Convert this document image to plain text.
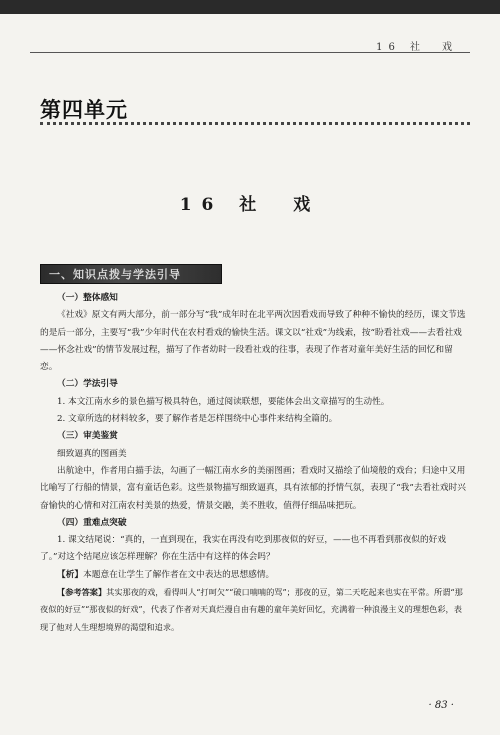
16 社　戏
第四单元
16 社　戏
一、知识点拨与学法引导

（一）整体感知

《社戏》原文有两大部分，前一部分写“我”成年时在北平两次因看戏而导致了种种不愉快的经历，课文节选的是后一部分，主要写“我”少年时代在农村看戏的愉快生活。课文以“社戏”为线索，按“盼看社戏——去看社戏——怀念社戏”的情节发展过程，描写了作者幼时一段看社戏的往事，表现了作者对童年美好生活的回忆和留恋。

（二）学法引导

1. 本文江南水乡的景色描写极具特色，通过阅读联想，要能体会出文章描写的生动性。

2. 文章所选的材料较多，要了解作者是怎样围绕中心事件来结构全篇的。

（三）审美鉴赏

细致逼真的图画美

出航途中，作者用白描手法，勾画了一幅江南水乡的美丽图画；看戏时又描绘了仙境般的戏台；归途中又用比喻写了行船的情景，富有童话色彩。这些景物描写细致逼真，具有浓郁的抒情气氛，表现了“我”去看社戏时兴奋愉快的心情和对江南农村美景的热爱，情景交融，美不胜收，值得仔细品味把玩。

（四）重难点突破

1. 课文结尾说：“真的，一直到现在，我实在再没有吃到那夜似的好豆，——也不再看到那夜似的好戏了。”对这个结尾应该怎样理解？你在生活中有这样的体会吗？

【析】本题意在让学生了解作者在文中表达的思想感情。

【参考答案】其实那夜的戏，看得叫人“打呵欠”“破口喃喃的骂”；那夜的豆，第二天吃起来也实在平常。所谓“那夜似的好豆”“那夜似的好戏”，代表了作者对天真烂漫自由有趣的童年美好回忆，充满着一种浪漫主义的理想色彩，表现了他对人生理想境界的渴望和追求。

· 83 ·
